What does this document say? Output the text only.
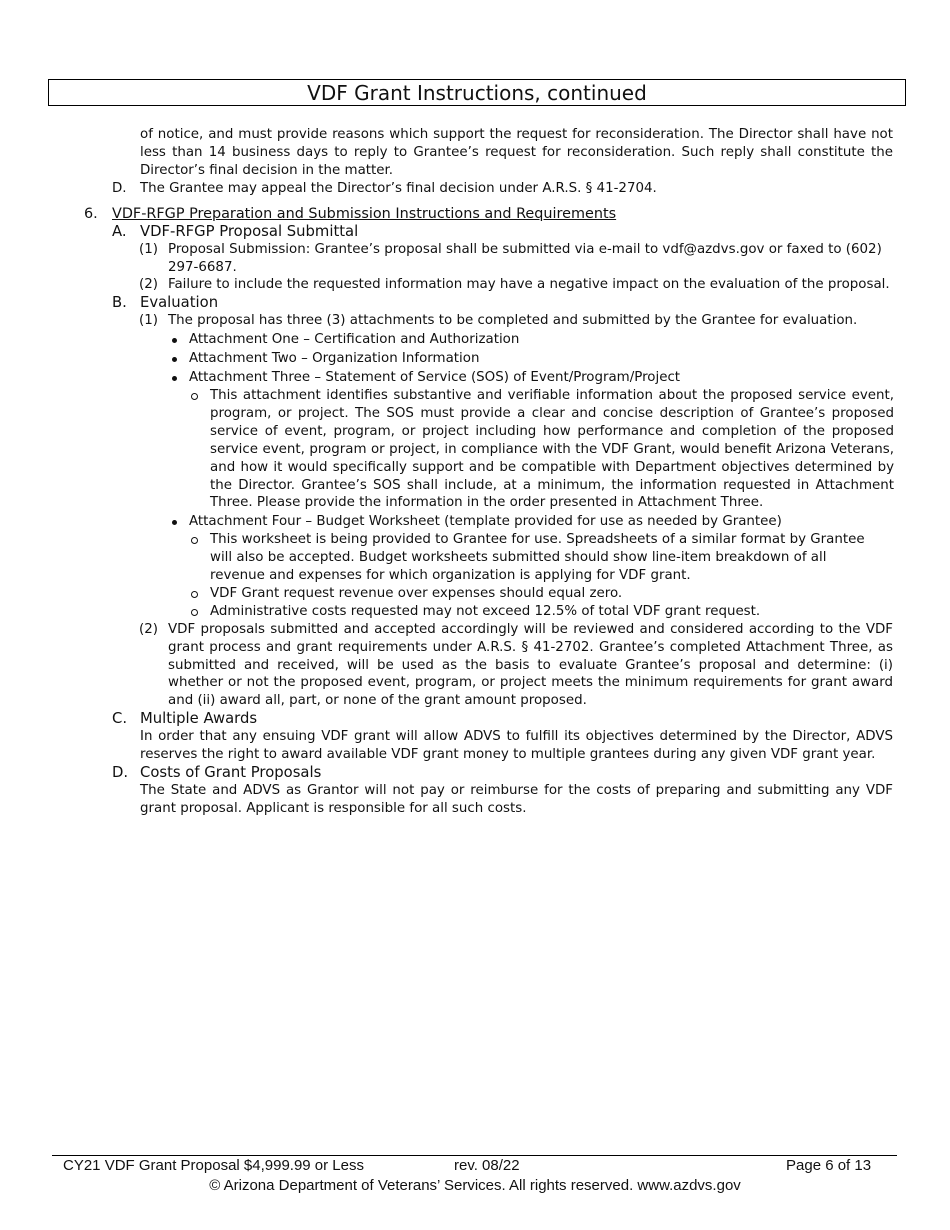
VDF Grant Instructions, continued
of notice, and must provide reasons which support the request for reconsideration. The Director shall have not less than 14 business days to reply to Grantee’s request for reconsideration. Such reply shall constitute the Director’s final decision in the matter.
D. The Grantee may appeal the Director’s final decision under A.R.S. § 41-2704.
6. VDF-RFGP Preparation and Submission Instructions and Requirements
A. VDF-RFGP Proposal Submittal
(1) Proposal Submission: Grantee’s proposal shall be submitted via e-mail to vdf@azdvs.gov or faxed to (602) 297-6687.
(2) Failure to include the requested information may have a negative impact on the evaluation of the proposal.
B. Evaluation
(1) The proposal has three (3) attachments to be completed and submitted by the Grantee for evaluation.
Attachment One – Certification and Authorization
Attachment Two – Organization Information
Attachment Three – Statement of Service (SOS) of Event/Program/Project
This attachment identifies substantive and verifiable information about the proposed service event, program, or project. The SOS must provide a clear and concise description of Grantee’s proposed service of event, program, or project including how performance and completion of the proposed service event, program or project, in compliance with the VDF Grant, would benefit Arizona Veterans, and how it would specifically support and be compatible with Department objectives determined by the Director. Grantee’s SOS shall include, at a minimum, the information requested in Attachment Three. Please provide the information in the order presented in Attachment Three.
Attachment Four – Budget Worksheet (template provided for use as needed by Grantee)
This worksheet is being provided to Grantee for use. Spreadsheets of a similar format by Grantee will also be accepted. Budget worksheets submitted should show line-item breakdown of all revenue and expenses for which organization is applying for VDF grant.
VDF Grant request revenue over expenses should equal zero.
Administrative costs requested may not exceed 12.5% of total VDF grant request.
(2) VDF proposals submitted and accepted accordingly will be reviewed and considered according to the VDF grant process and grant requirements under A.R.S. § 41-2702. Grantee’s completed Attachment Three, as submitted and received, will be used as the basis to evaluate Grantee’s proposal and determine: (i) whether or not the proposed event, program, or project meets the minimum requirements for grant award and (ii) award all, part, or none of the grant amount proposed.
C. Multiple Awards
In order that any ensuing VDF grant will allow ADVS to fulfill its objectives determined by the Director, ADVS reserves the right to award available VDF grant money to multiple grantees during any given VDF grant year.
D. Costs of Grant Proposals
The State and ADVS as Grantor will not pay or reimburse for the costs of preparing and submitting any VDF grant proposal. Applicant is responsible for all such costs.
CY21 VDF Grant Proposal $4,999.99 or Less	rev. 08/22	Page 6 of 13
© Arizona Department of Veterans’ Services. All rights reserved. www.azdvs.gov
